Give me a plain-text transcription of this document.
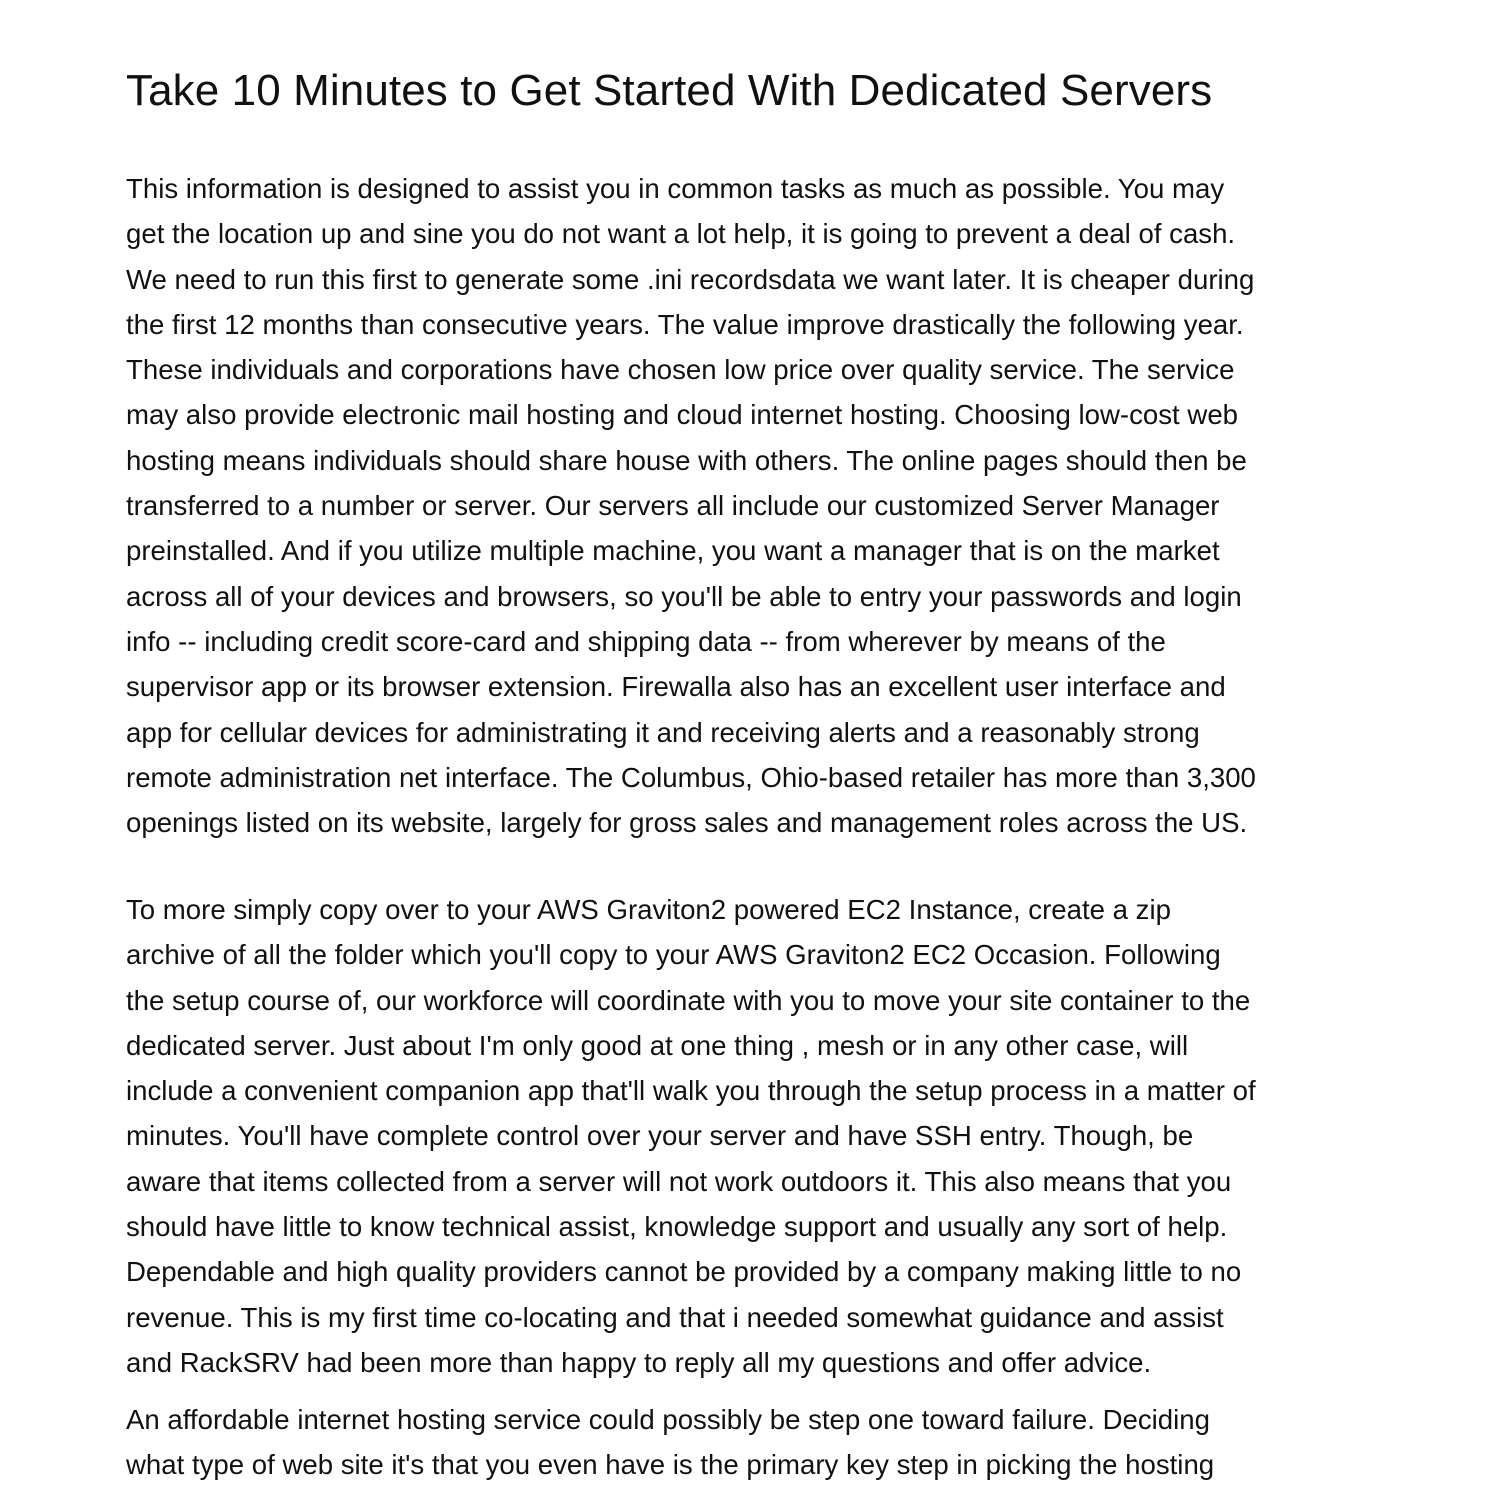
Take 10 Minutes to Get Started With Dedicated Servers
This information is designed to assist you in common tasks as much as possible. You may
get the location up and sine you do not want a lot help, it is going to prevent a deal of cash.
We need to run this first to generate some .ini recordsdata we want later. It is cheaper during
the first 12 months than consecutive years. The value improve drastically the following year.
These individuals and corporations have chosen low price over quality service. The service
may also provide electronic mail hosting and cloud internet hosting. Choosing low-cost web
hosting means individuals should share house with others. The online pages should then be
transferred to a number or server. Our servers all include our customized Server Manager
preinstalled. And if you utilize multiple machine, you want a manager that is on the market
across all of your devices and browsers, so you'll be able to entry your passwords and login
info -- including credit score-card and shipping data -- from wherever by means of the
supervisor app or its browser extension. Firewalla also has an excellent user interface and
app for cellular devices for administrating it and receiving alerts and a reasonably strong
remote administration net interface. The Columbus, Ohio-based retailer has more than 3,300
openings listed on its website, largely for gross sales and management roles across the US.
To more simply copy over to your AWS Graviton2 powered EC2 Instance, create a zip
archive of all the folder which you'll copy to your AWS Graviton2 EC2 Occasion. Following
the setup course of, our workforce will coordinate with you to move your site container to the
dedicated server. Just about I'm only good at one thing , mesh or in any other case, will
include a convenient companion app that'll walk you through the setup process in a matter of
minutes. You'll have complete control over your server and have SSH entry. Though, be
aware that items collected from a server will not work outdoors it. This also means that you
should have little to know technical assist, knowledge support and usually any sort of help.
Dependable and high quality providers cannot be provided by a company making little to no
revenue. This is my first time co-locating and that i needed somewhat guidance and assist
and RackSRV had been more than happy to reply all my questions and offer advice.
An affordable internet hosting service could possibly be step one toward failure. Deciding
what type of web site it's that you even have is the primary key step in picking the hosting
